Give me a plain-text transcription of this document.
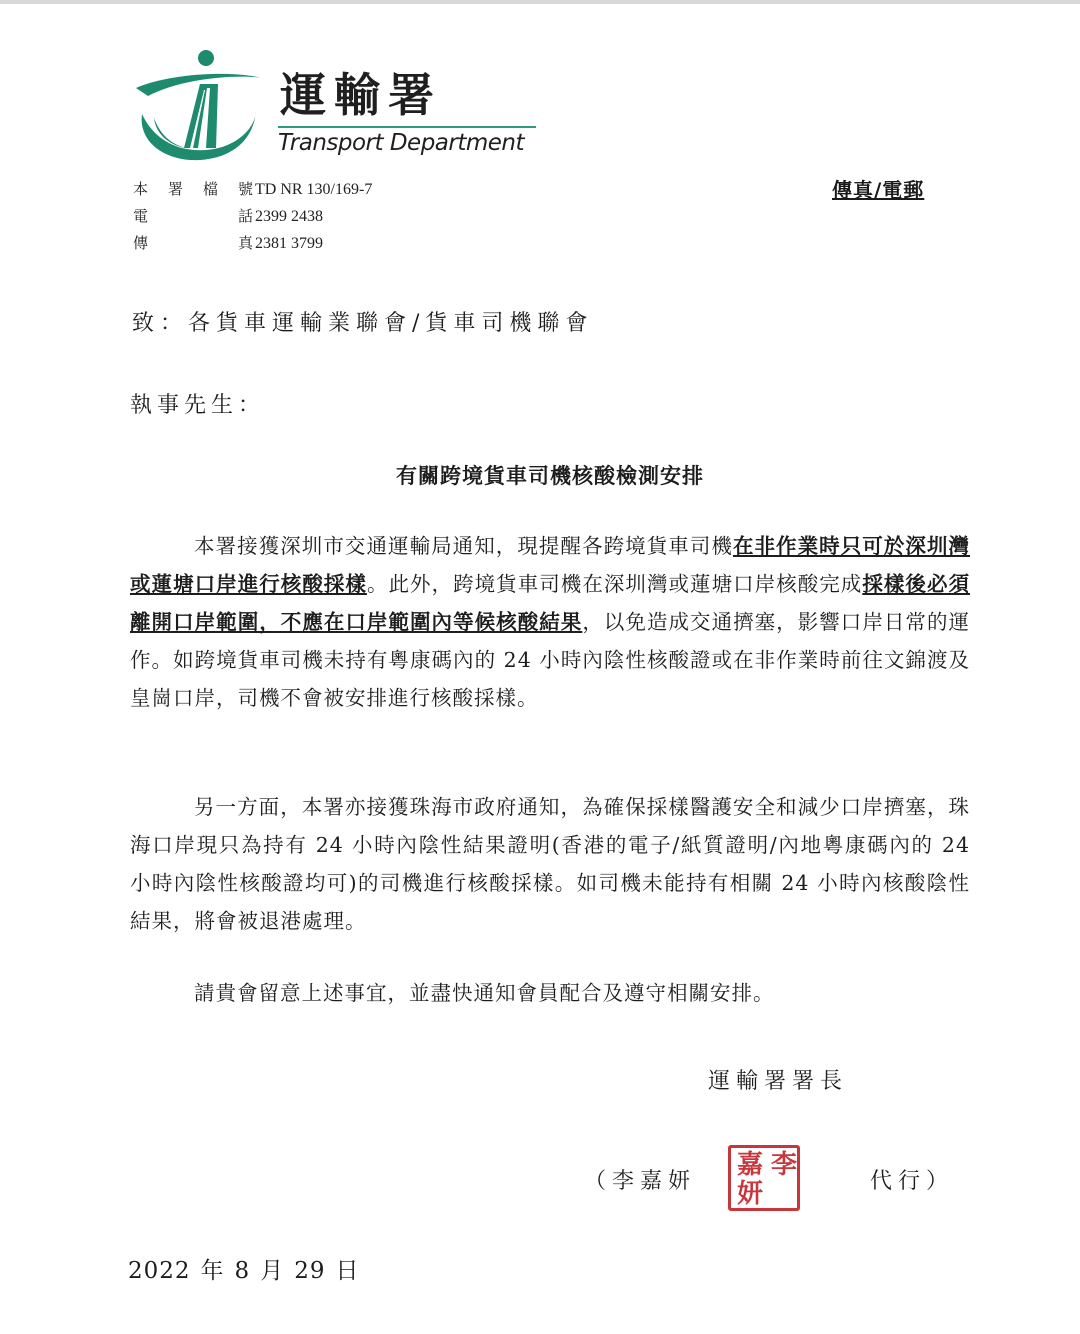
運輸署
Transport Department
本 署 檔 號 TD NR 130/169-7
電	話 2399 2438
傳	真 2381 3799
傳真/電郵
致：各貨車運輸業聯會/貨車司機聯會
執事先生：
有關跨境貨車司機核酸檢測安排
本署接獲深圳市交通運輸局通知，現提醒各跨境貨車司機在非作業時只可於深圳灣或蓮塘口岸進行核酸採樣。此外，跨境貨車司機在深圳灣或蓮塘口岸核酸完成採樣後必須離開口岸範圍，不應在口岸範圍內等候核酸結果，以免造成交通擠塞，影響口岸日常的運作。如跨境貨車司機未持有粵康碼內的 24 小時內陰性核酸證或在非作業時前往文錦渡及皇崗口岸，司機不會被安排進行核酸採樣。
另一方面，本署亦接獲珠海市政府通知，為確保採樣醫護安全和減少口岸擠塞，珠海口岸現只為持有 24 小時內陰性結果證明(香港的電子/紙質證明/內地粵康碼內的 24 小時內陰性核酸證均可)的司機進行核酸採樣。如司機未能持有相關 24 小時內核酸陰性結果，將會被退港處理。
請貴會留意上述事宜，並盡快通知會員配合及遵守相關安排。
運輸署署長
（李嘉妍
李
嘉
妍	代行）
2022 年 8 月 29 日
